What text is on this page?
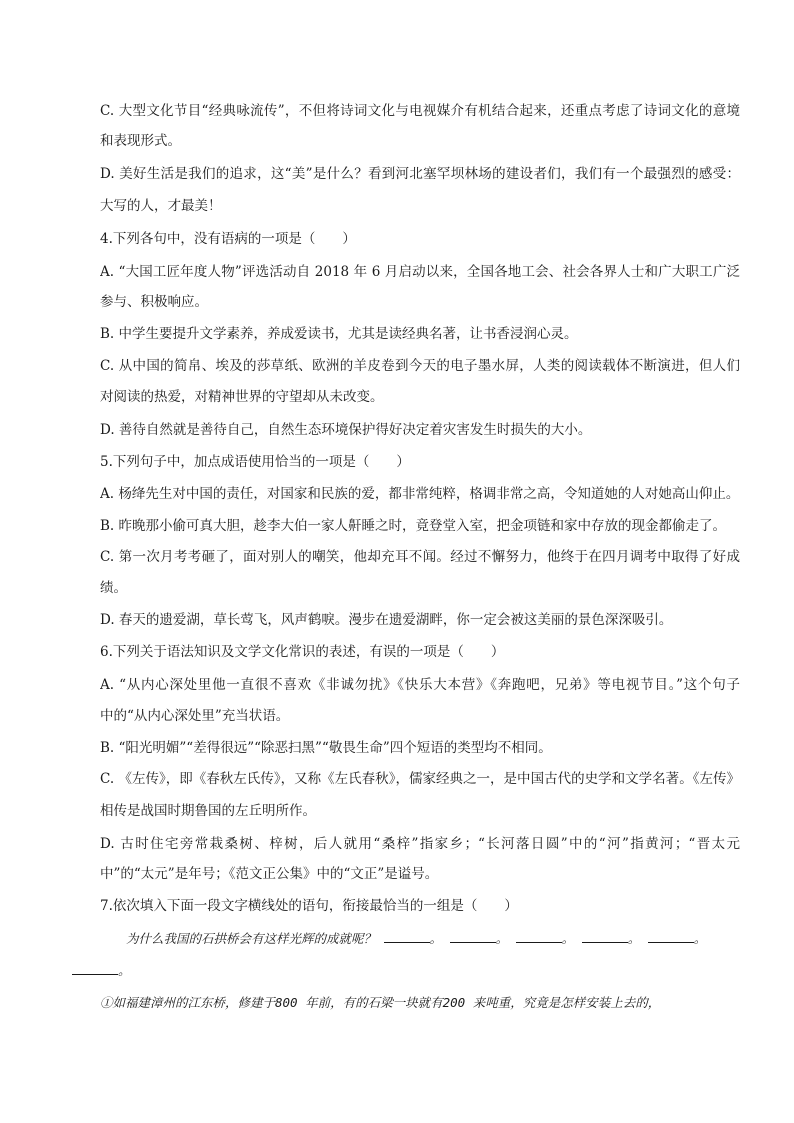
C. 大型文化节目“经典咏流传”，不但将诗词文化与电视媒介有机结合起来，还重点考虑了诗词文化的意境
和表现形式。
D. 美好生活是我们的追求，这“美”是什么？看到河北塞罕坝林场的建设者们，我们有一个最强烈的感受：
大写的人，才最美！
4.下列各句中，没有语病的一项是（　　）
A. “大国工匠年度人物”评选活动自 2018 年 6 月启动以来，全国各地工会、社会各界人士和广大职工广泛
参与、积极响应。
B. 中学生要提升文学素养，养成爱读书，尤其是读经典名著，让书香浸润心灵。
C. 从中国的简帛、埃及的莎草纸、欧洲的羊皮卷到今天的电子墨水屏，人类的阅读载体不断演进，但人们
对阅读的热爱，对精神世界的守望却从未改变。
D. 善待自然就是善待自己，自然生态环境保护得好决定着灾害发生时损失的大小。
5.下列句子中，加点成语使用恰当的一项是（　　）
A. 杨绛先生对中国的责任，对国家和民族的爱，都非常纯粹，格调非常之高，令知道她的人对她高山仰止。
B. 昨晚那小偷可真大胆，趁李大伯一家人鼾睡之时，竟登堂入室，把金项链和家中存放的现金都偷走了。
C. 第一次月考考砸了，面对别人的嘲笑，他却充耳不闻。经过不懈努力，他终于在四月调考中取得了好成
绩。
D. 春天的遗爱湖，草长莺飞，风声鹤唳。漫步在遗爱湖畔，你一定会被这美丽的景色深深吸引。
6.下列关于语法知识及文学文化常识的表述，有误的一项是（　　）
A. “从内心深处里他一直很不喜欢《非诚勿扰》《快乐大本营》《奔跑吧，兄弟》等电视节目。”这个句子
中的“从内心深处里”充当状语。
B. “阳光明媚”“差得很远”“除恶扫黑”“敬畏生命”四个短语的类型均不相同。
C. 《左传》，即《春秋左氏传》，又称《左氏春秋》，儒家经典之一，是中国古代的史学和文学名著。《左传》
相传是战国时期鲁国的左丘明所作。
D. 古时住宅旁常栽桑树、梓树，后人就用“桑梓”指家乡；“长河落日圆”中的“河”指黄河；“晋太元
中”的“太元”是年号；《范文正公集》中的“文正”是谥号。
7.依次填入下面一段文字横线处的语句，衔接最恰当的一组是（　　）
为什么我国的石拱桥会有这样光辉的成就呢？	。	。	。	。	。
。
①如福建漳州的江东桥，修建于800 年前，有的石梁一块就有200 来吨重，究竟是怎样安装上去的，
